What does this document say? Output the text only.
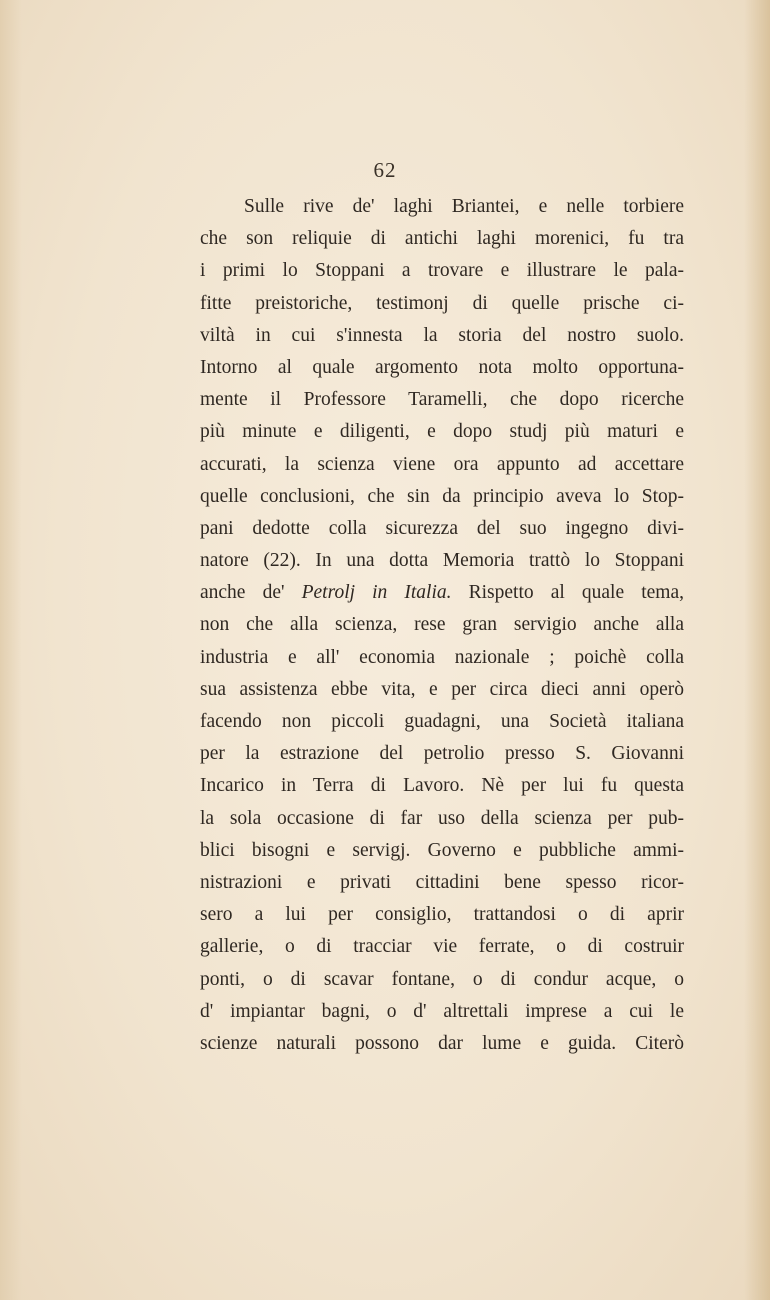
62
Sulle rive de' laghi Briantei, e nelle torbiere
che son reliquie di antichi laghi morenici, fu tra
i primi lo Stoppani a trovare e illustrare le pala-
fitte preistoriche, testimonj di quelle prische ci-
viltà in cui s'innesta la storia del nostro suolo.
Intorno al quale argomento nota molto opportuna-
mente il Professore Taramelli, che dopo ricerche
più minute e diligenti, e dopo studj più maturi e
accurati, la scienza viene ora appunto ad accettare
quelle conclusioni, che sin da principio aveva lo Stop-
pani dedotte colla sicurezza del suo ingegno divi-
natore (22). In una dotta Memoria trattò lo Stoppani
anche de' Petrolj in Italia. Rispetto al quale tema,
non che alla scienza, rese gran servigio anche alla
industria e all' economia nazionale ; poichè colla
sua assistenza ebbe vita, e per circa dieci anni operò
facendo non piccoli guadagni, una Società italiana
per la estrazione del petrolio presso S. Giovanni
Incarico in Terra di Lavoro. Nè per lui fu questa
la sola occasione di far uso della scienza per pub-
blici bisogni e servigj. Governo e pubbliche ammi-
nistrazioni e privati cittadini bene spesso ricor-
sero a lui per consiglio, trattandosi o di aprir
gallerie, o di tracciar vie ferrate, o di costruir
ponti, o di scavar fontane, o di condur acque, o
d' impiantar bagni, o d' altrettali imprese a cui le
scienze naturali possono dar lume e guida. Citerò
